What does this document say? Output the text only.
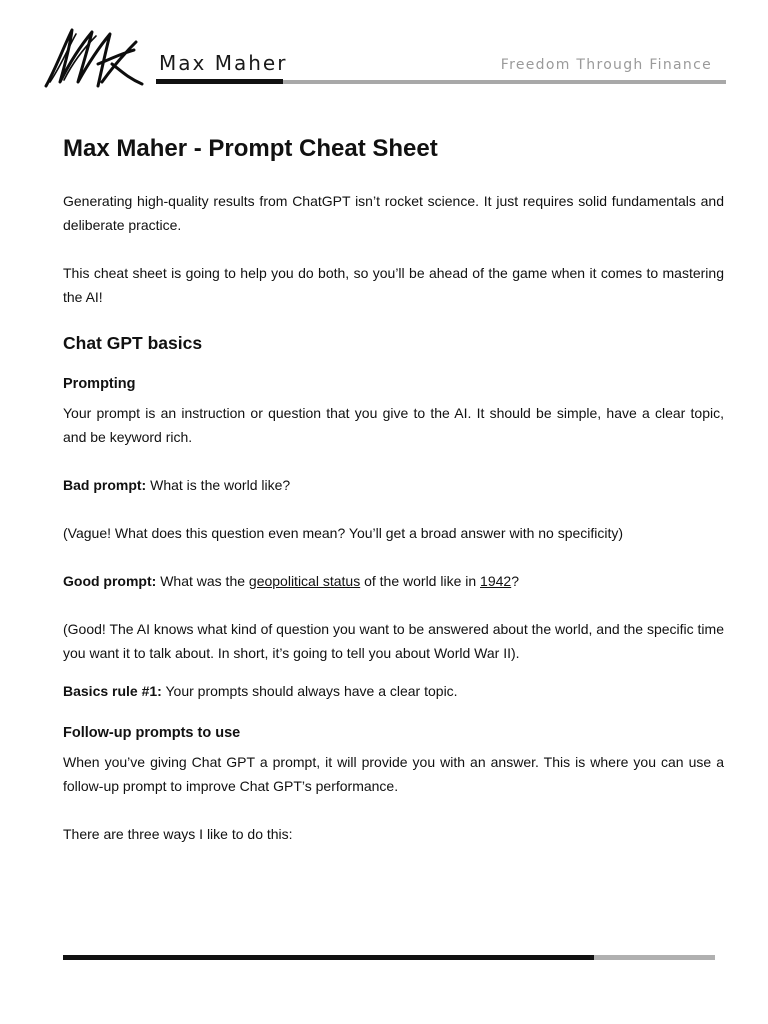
Max Maher	Freedom Through Finance
Max Maher - Prompt Cheat Sheet

Generating high-quality results from ChatGPT isn’t rocket science. It just requires solid fundamentals and deliberate practice.

This cheat sheet is going to help you do both, so you’ll be ahead of the game when it comes to mastering the AI!

Chat GPT basics
Prompting

Your prompt is an instruction or question that you give to the AI. It should be simple, have a clear topic, and be keyword rich.

Bad prompt: What is the world like?

(Vague! What does this question even mean? You’ll get a broad answer with no specificity)

Good prompt: What was the geopolitical status of the world like in 1942?

(Good! The AI knows what kind of question you want to be answered about the world, and the specific time you want it to talk about. In short, it’s going to tell you about World War II).

Basics rule #1: Your prompts should always have a clear topic.

Follow-up prompts to use

When you’ve giving Chat GPT a prompt, it will provide you with an answer. This is where you can use a follow-up prompt to improve Chat GPT’s performance.

There are three ways I like to do this:
